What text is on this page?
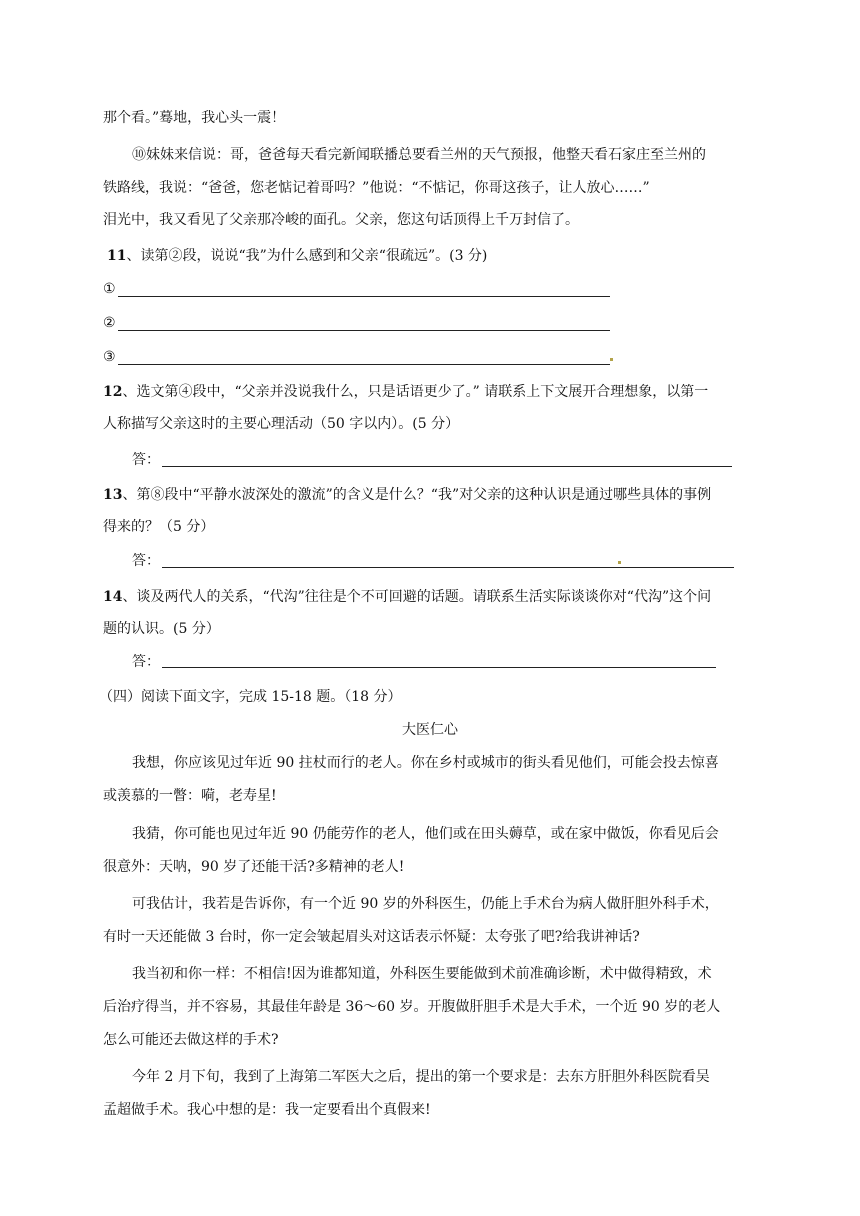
那个看。”蓦地，我心头一震！
⑩妹妹来信说：哥，爸爸每天看完新闻联播总要看兰州的天气预报，他整天看石家庄至兰州的
铁路线，我说：“爸爸，您老惦记着哥吗？”他说：“不惦记，你哥这孩子，让人放心……”
泪光中，我又看见了父亲那冷峻的面孔。父亲，您这句话顶得上千万封信了。
11、读第②段，说说“我”为什么感到和父亲“很疏远”。(3 分)
①
②
③
12、选文第④段中，“父亲并没说我什么，只是话语更少了。” 请联系上下文展开合理想象，以第一
人称描写父亲这时的主要心理活动（50 字以内）。(5 分）
答：
13、第⑧段中“平静水波深处的激流”的含义是什么？“我”对父亲的这种认识是通过哪些具体的事例
得来的？（5 分）
答：
14、谈及两代人的关系，“代沟”往往是个不可回避的话题。请联系生活实际谈谈你对“代沟”这个问
题的认识。(5 分）
答：
（四）阅读下面文字，完成 15-18 题。（18 分）
大医仁心
我想，你应该见过年近 90 拄杖而行的老人。你在乡村或城市的街头看见他们，可能会投去惊喜
或羡慕的一瞥：嗬，老寿星!
我猜，你可能也见过年近 90 仍能劳作的老人，他们或在田头薅草，或在家中做饭，你看见后会
很意外：天呐，90 岁了还能干活?多精神的老人!
可我估计，我若是告诉你，有一个近 90 岁的外科医生，仍能上手术台为病人做肝胆外科手术，
有时一天还能做 3 台时，你一定会皱起眉头对这话表示怀疑：太夸张了吧?给我讲神话?
我当初和你一样：不相信!因为谁都知道，外科医生要能做到术前准确诊断，术中做得精致，术
后治疗得当，并不容易，其最佳年龄是 36～60 岁。开腹做肝胆手术是大手术，一个近 90 岁的老人
怎么可能还去做这样的手术?
今年 2 月下旬，我到了上海第二军医大之后，提出的第一个要求是：去东方肝胆外科医院看吴
孟超做手术。我心中想的是：我一定要看出个真假来!
